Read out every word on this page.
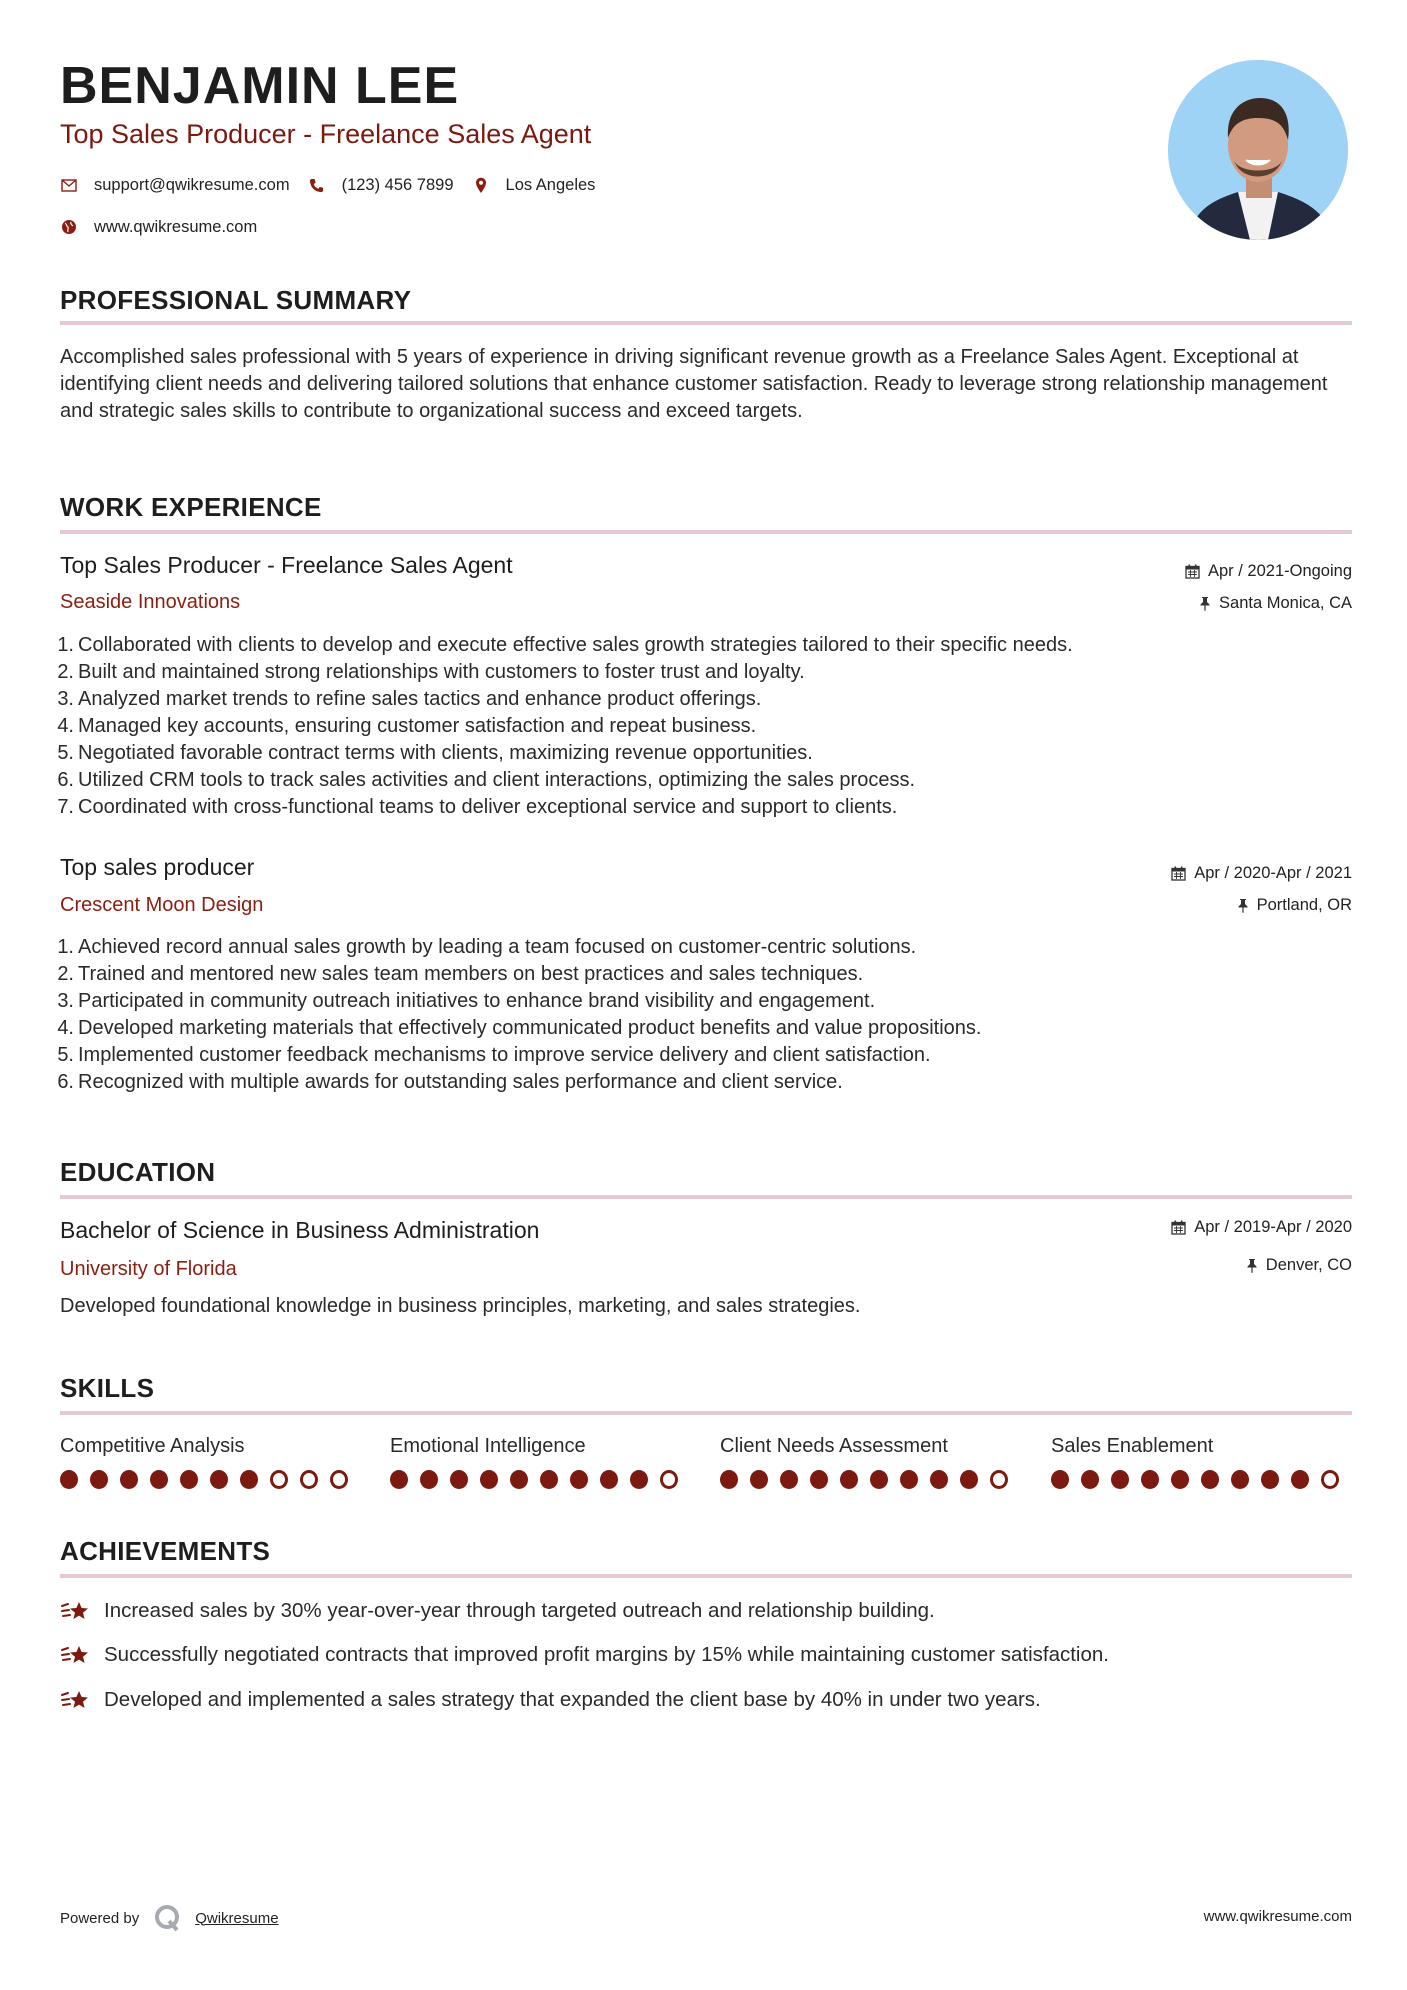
BENJAMIN LEE
Top Sales Producer - Freelance Sales Agent
support@qwikresume.com	(123) 456 7899	Los Angeles
www.qwikresume.com
PROFESSIONAL SUMMARY
Accomplished sales professional with 5 years of experience in driving significant revenue growth as a Freelance Sales Agent. Exceptional at identifying client needs and delivering tailored solutions that enhance customer satisfaction. Ready to leverage strong relationship management and strategic sales skills to contribute to organizational success and exceed targets.
WORK EXPERIENCE
Top Sales Producer - Freelance Sales Agent	Apr / 2021-Ongoing
Seaside Innovations	Santa Monica, CA
1. Collaborated with clients to develop and execute effective sales growth strategies tailored to their specific needs.
2. Built and maintained strong relationships with customers to foster trust and loyalty.
3. Analyzed market trends to refine sales tactics and enhance product offerings.
4. Managed key accounts, ensuring customer satisfaction and repeat business.
5. Negotiated favorable contract terms with clients, maximizing revenue opportunities.
6. Utilized CRM tools to track sales activities and client interactions, optimizing the sales process.
7. Coordinated with cross-functional teams to deliver exceptional service and support to clients.
Top sales producer	Apr / 2020-Apr / 2021
Crescent Moon Design	Portland, OR
1. Achieved record annual sales growth by leading a team focused on customer-centric solutions.
2. Trained and mentored new sales team members on best practices and sales techniques.
3. Participated in community outreach initiatives to enhance brand visibility and engagement.
4. Developed marketing materials that effectively communicated product benefits and value propositions.
5. Implemented customer feedback mechanisms to improve service delivery and client satisfaction.
6. Recognized with multiple awards for outstanding sales performance and client service.
EDUCATION
Bachelor of Science in Business Administration	Apr / 2019-Apr / 2020
University of Florida	Denver, CO
Developed foundational knowledge in business principles, marketing, and sales strategies.
SKILLS
Competitive Analysis	Emotional Intelligence	Client Needs Assessment	Sales Enablement
ACHIEVEMENTS
Increased sales by 30% year-over-year through targeted outreach and relationship building.
Successfully negotiated contracts that improved profit margins by 15% while maintaining customer satisfaction.
Developed and implemented a sales strategy that expanded the client base by 40% in under two years.
Powered by	Qwikresume	www.qwikresume.com
